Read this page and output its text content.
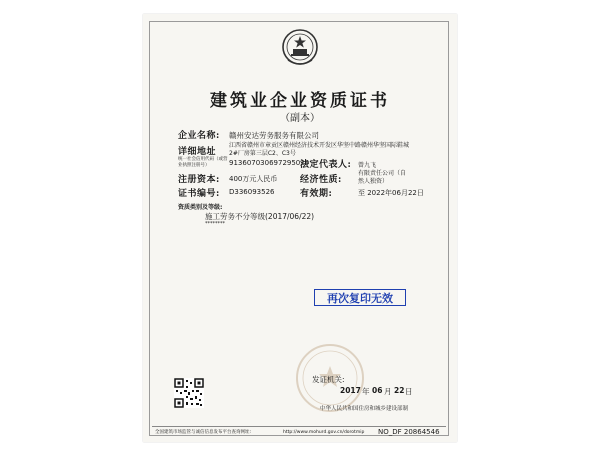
建筑业企业资质证书
（副本）
企业名称: 赣州安达劳务服务有限公司
详细地址
江西省赣州市章贡区赣州经济技术开发区华坚中路赣州华坚国际鞋城
2#厂房第三层C2、C3号
统一社会信用代码（或营业执照注册号）	913607030697295029
法定代表人: 曾九飞
注册资本: 400万元人民币	经济性质:
有限责任公司（自然人独资）
证书编号: D336093526	有效期:	至 2022年06月22日
资质类别及等级:
施工劳务不分等级(2017/06/22)
********
再次复印无效
发证机关:
2017 年 06 月 22 日
中华人民共和国住房和城乡建设部制
全国建筑市场监管与诚信信息发布平台查询网址:	http://www.mohurd.gov.cn/dorotmip NO_DF 20864546
